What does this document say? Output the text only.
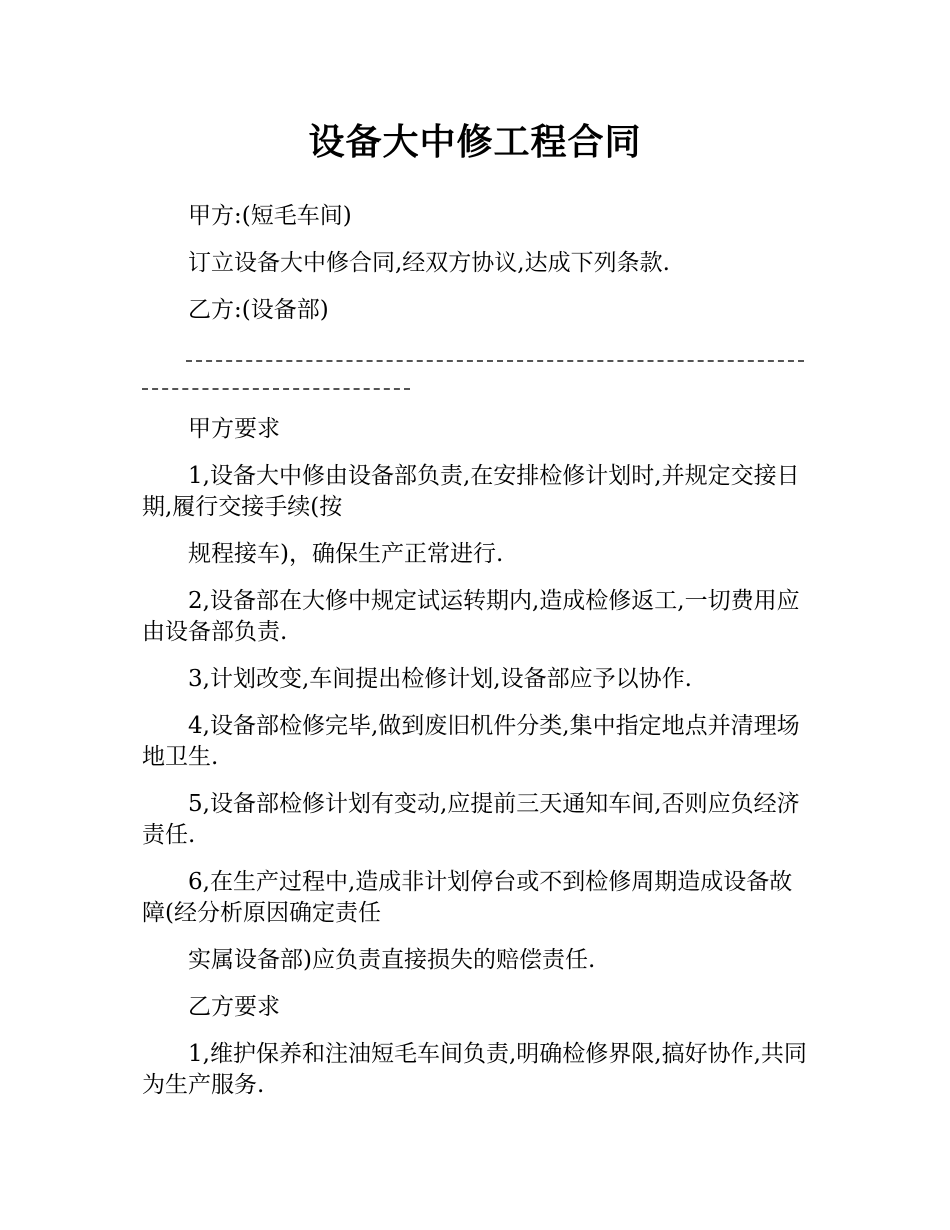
设备大中修工程合同

甲方:(短毛车间)

订立设备大中修合同,经双方协议,达成下列条款.

乙方:(设备部)

甲方要求

1,设备大中修由设备部负责,在安排检修计划时,并规定交接日期,履行交接手续(按

规程接车)，确保生产正常进行.

2,设备部在大修中规定试运转期内,造成检修返工,一切费用应由设备部负责.

3,计划改变,车间提出检修计划,设备部应予以协作.

4,设备部检修完毕,做到废旧机件分类,集中指定地点并清理场地卫生.

5,设备部检修计划有变动,应提前三天通知车间,否则应负经济责任.

6,在生产过程中,造成非计划停台或不到检修周期造成设备故障(经分析原因确定责任

实属设备部)应负责直接损失的赔偿责任.

乙方要求

1,维护保养和注油短毛车间负责,明确检修界限,搞好协作,共同为生产服务.
